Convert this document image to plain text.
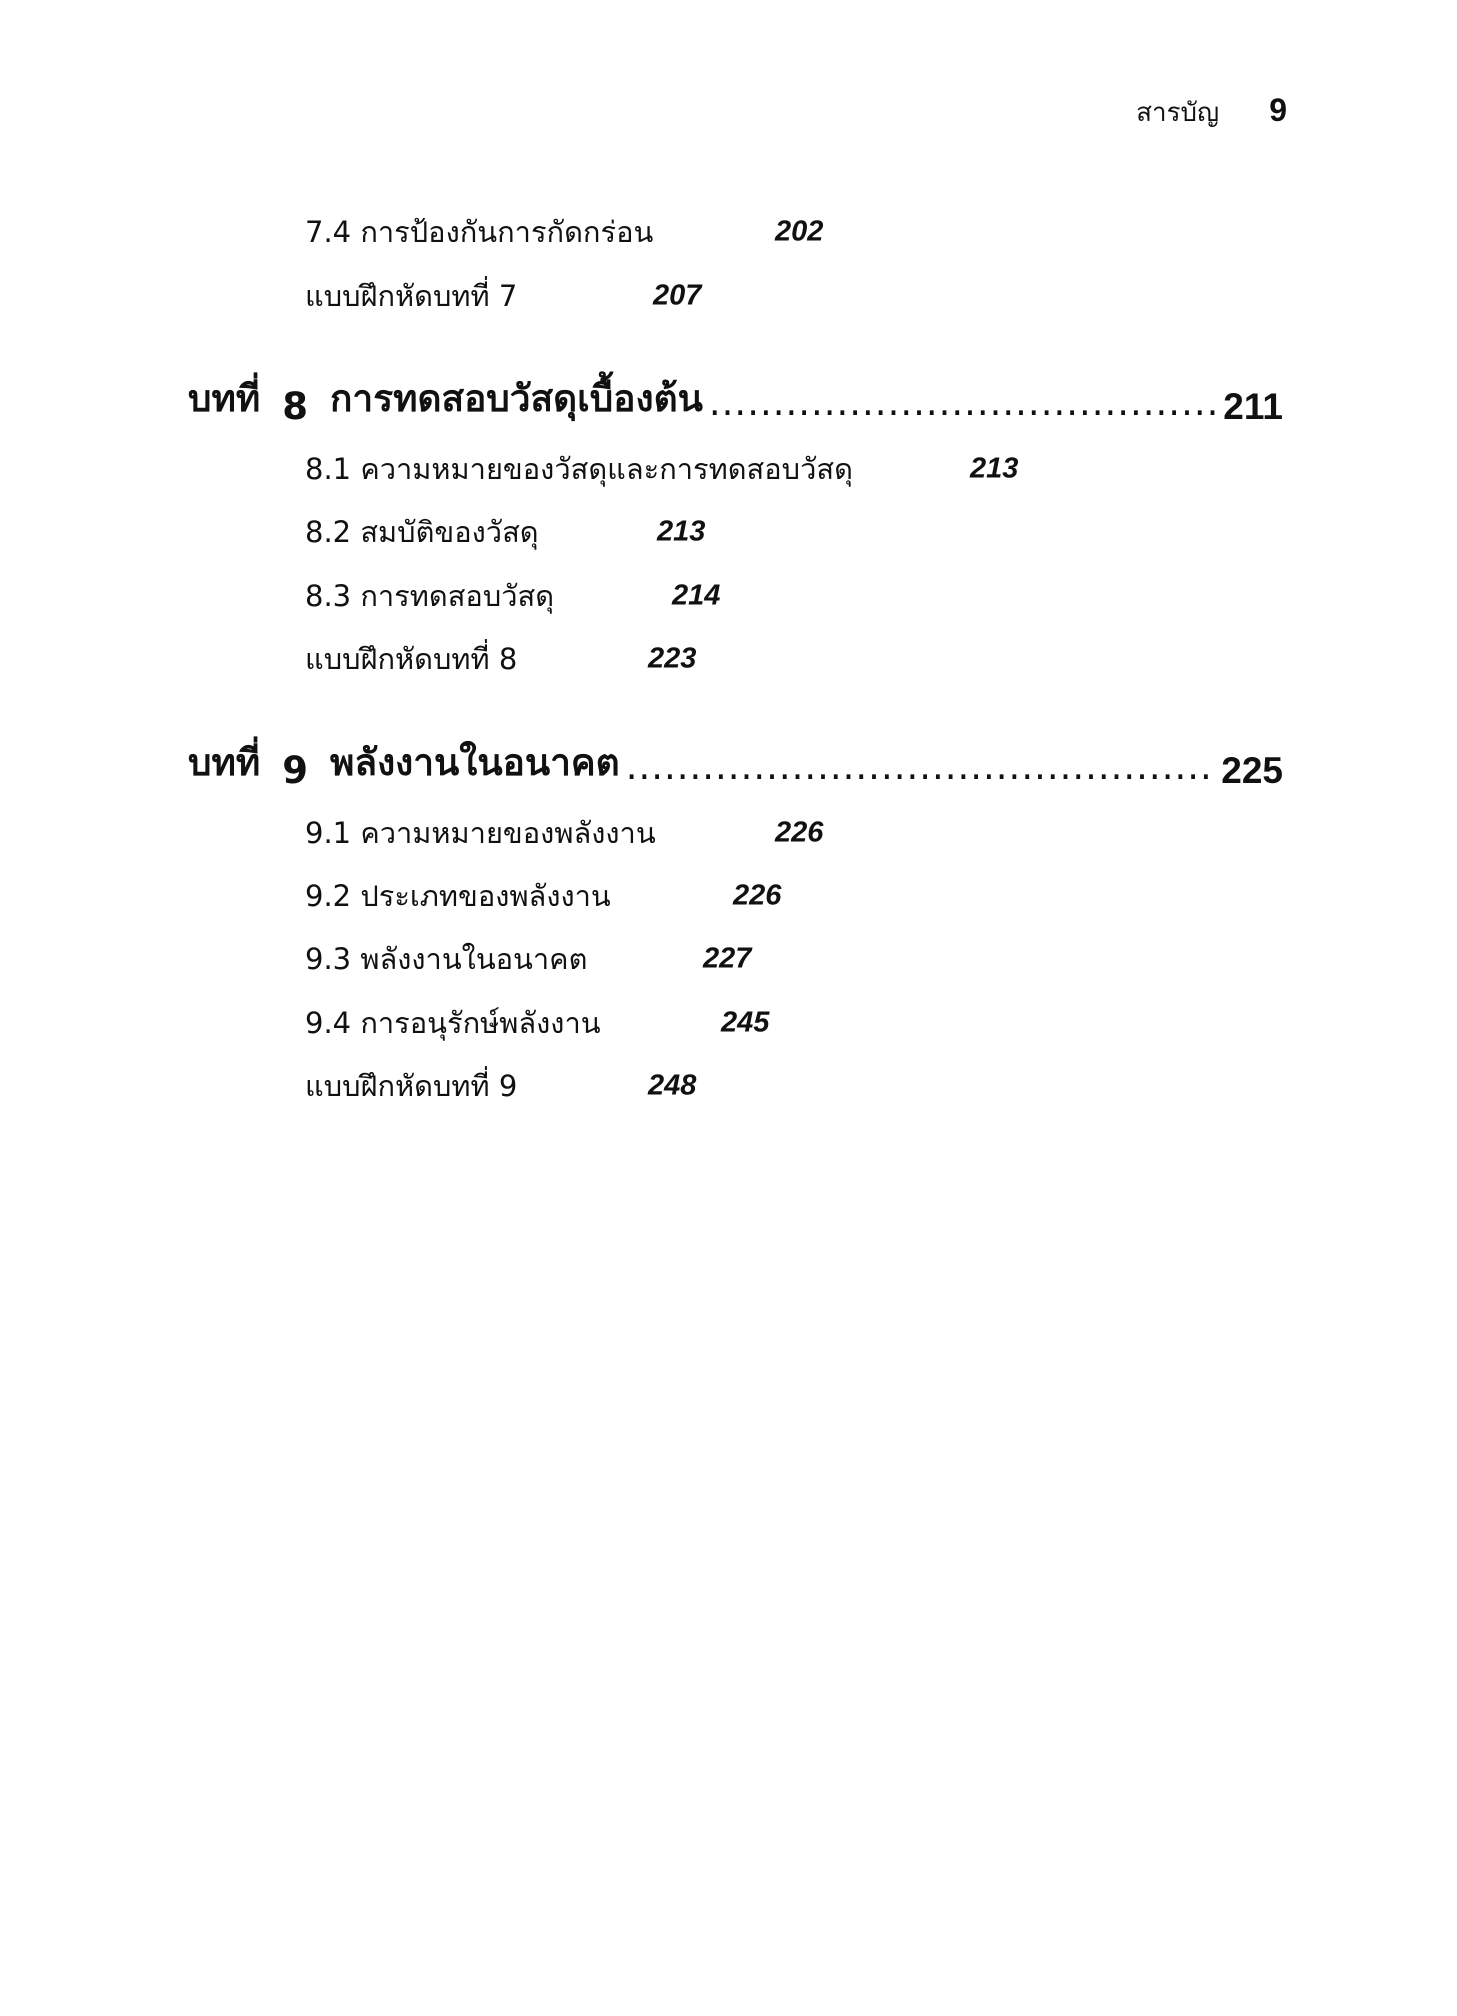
สารบัญ 9
7.4 การป้องกันการกัดกร่อน	202
แบบฝึกหัดบทที่ 7	207
บทที่ 8 การทดสอบวัสดุเบื้องต้น .....	211
8.1 ความหมายของวัสดุและการทดสอบวัสดุ	213
8.2 สมบัติของวัสดุ	213
8.3 การทดสอบวัสดุ	214
แบบฝึกหัดบทที่ 8	223
บทที่ 9 พลังงานในอนาคต .....	225
9.1 ความหมายของพลังงาน	226
9.2 ประเภทของพลังงาน	226
9.3 พลังงานในอนาคต	227
9.4 การอนุรักษ์พลังงาน	245
แบบฝึกหัดบทที่ 9	248
